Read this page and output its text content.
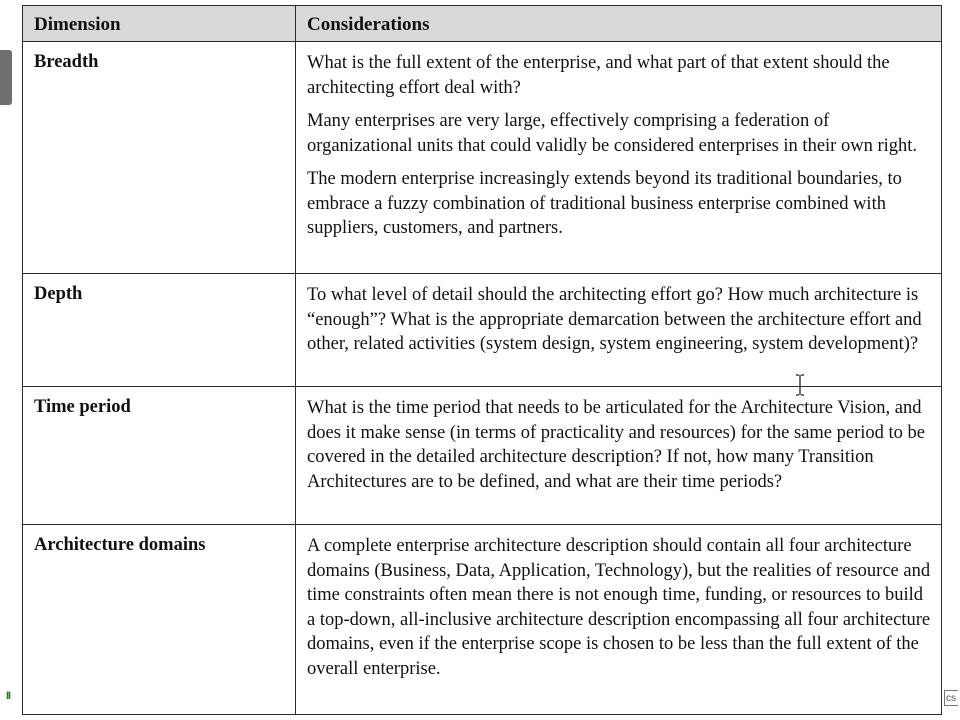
Dimension	Considerations
Breadth	What is the full extent of the enterprise, and what part of that extent should the architecting effort deal with?

Many enterprises are very large, effectively comprising a federation of organizational units that could validly be considered enterprises in their own right.

The modern enterprise increasingly extends beyond its traditional boundaries, to embrace a fuzzy combination of traditional business enterprise combined with suppliers, customers, and partners.

Depth	To what level of detail should the architecting effort go? How much architecture is “enough”? What is the appropriate demarcation between the architecture effort and other, related activities (system design, system engineering, system development)?

Time period	What is the time period that needs to be articulated for the Architecture Vision, and does it make sense (in terms of practicality and resources) for the same period to be covered in the detailed architecture description? If not, how many Transition Architectures are to be defined, and what are their time periods?

Architecture domains	A complete enterprise architecture description should contain all four architecture domains (Business, Data, Application, Technology), but the realities of resource and time constraints often mean there is not enough time, funding, or resources to build a top-down, all-inclusive architecture description encompassing all four architecture domains, even if the enterprise scope is chosen to be less than the full extent of the overall enterprise.

II	cs
